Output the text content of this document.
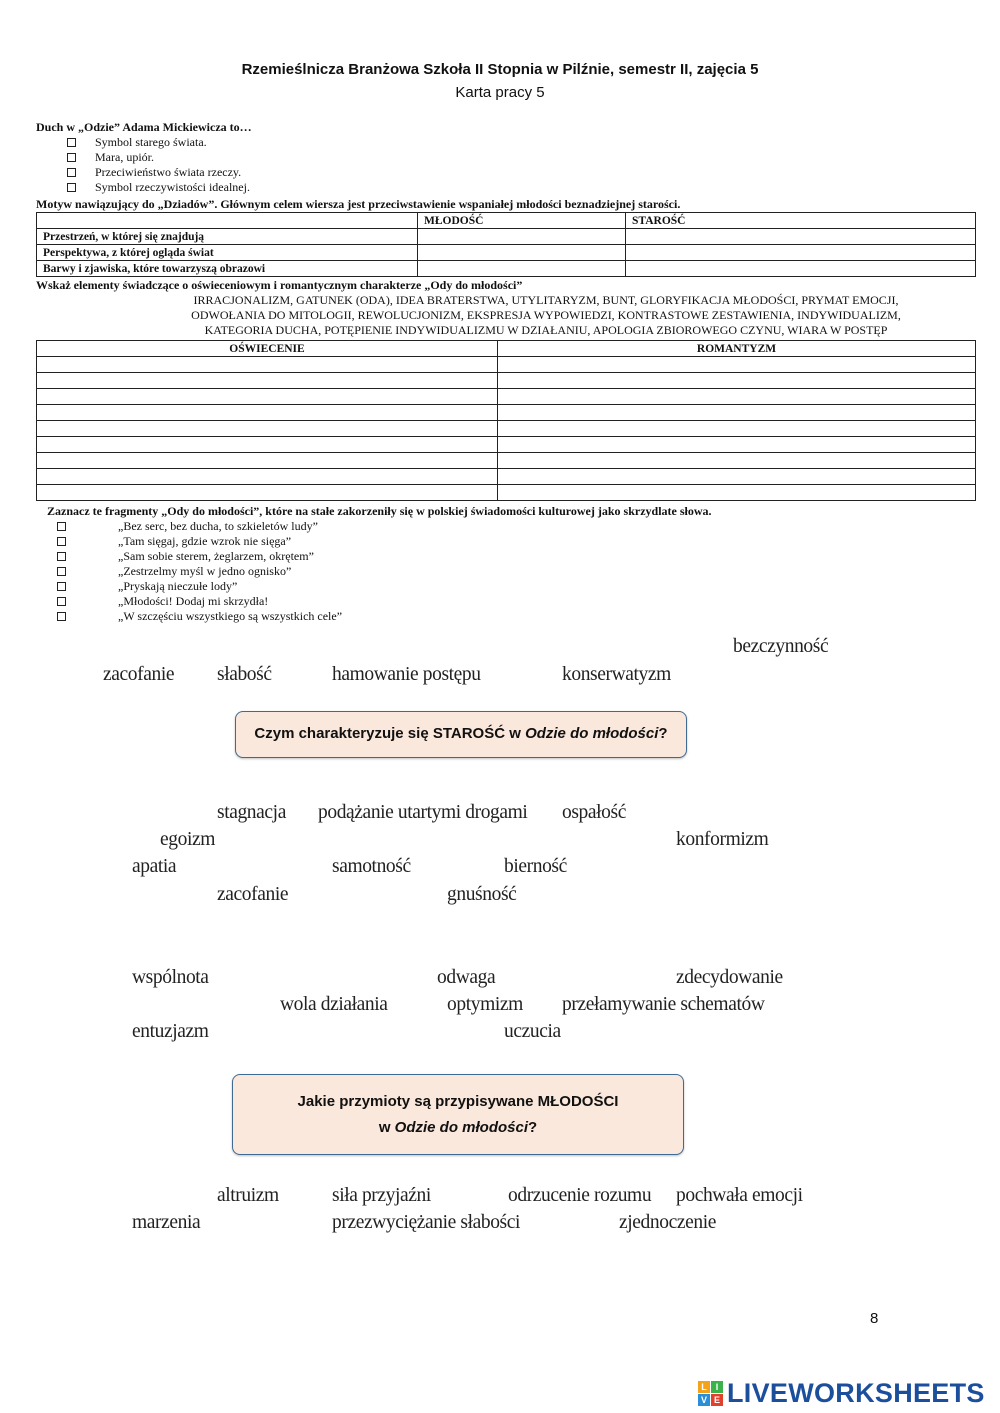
Rzemieślnicza Branżowa Szkoła II Stopnia w Pilźnie, semestr II, zajęcia 5
Karta pracy 5
Duch w „Odzie” Adama Mickiewicza to…
Symbol starego świata.
Mara, upiór.
Przeciwieństwo świata rzeczy.
Symbol rzeczywistości idealnej.
Motyw nawiązujący do „Dziadów”. Głównym celem wiersza jest przeciwstawienie wspaniałej młodości beznadziejnej starości.
	MŁODOŚĆ	STAROŚĆ
Przestrzeń, w której się znajdują		
Perspektywa, z której ogląda świat		
Barwy i zjawiska, które towarzyszą obrazowi		
Wskaż elementy świadczące o oświeceniowym i romantycznym charakterze „Ody do młodości”
IRRACJONALIZM, GATUNEK (ODA), IDEA BRATERSTWA, UTYLITARYZM, BUNT, GLORYFIKACJA MŁODOŚCI, PRYMAT EMOCJI,
ODWOŁANIA DO MITOLOGII, REWOLUCJONIZM, EKSPRESJA WYPOWIEDZI, KONTRASTOWE ZESTAWIENIA, INDYWIDUALIZM,
KATEGORIA DUCHA, POTĘPIENIE INDYWIDUALIZMU W DZIAŁANIU, APOLOGIA ZBIOROWEGO CZYNU, WIARA W POSTĘP
OŚWIECENIE	ROMANTYZM

Zaznacz te fragmenty „Ody do młodości”, które na stałe zakorzeniły się w polskiej świadomości kulturowej jako skrzydlate słowa.
„Bez serc, bez ducha, to szkieletów ludy”
„Tam sięgaj, gdzie wzrok nie sięga”
„Sam sobie sterem, żeglarzem, okrętem”
„Zestrzelmy myśl w jedno ognisko”
„Pryskają nieczułe lody”
„Młodości! Dodaj mi skrzydła!
„W szczęściu wszystkiego są wszystkich cele”
bezczynność
zacofanie słabość	hamowanie postępu	konserwatyzm
Czym charakteryzuje się STAROŚĆ w Odzie do młodości?
stagnacja podążanie utartymi drogami ospałość
egoizm	konformizm
apatia	samotność	bierność
zacofanie	gnuśność
wspólnota	odwaga	zdecydowanie
wola działania	optymizm przełamywanie schematów
entuzjazm	uczucia
Jakie przymioty są przypisywane MŁODOŚCI
w Odzie do młodości?
altruizm	siła przyjaźni	odrzucenie rozumu pochwała emocji
marzenia	przezwyciężanie słabości	zjednoczenie
8
L I
V E LIVEWORKSHEETS
